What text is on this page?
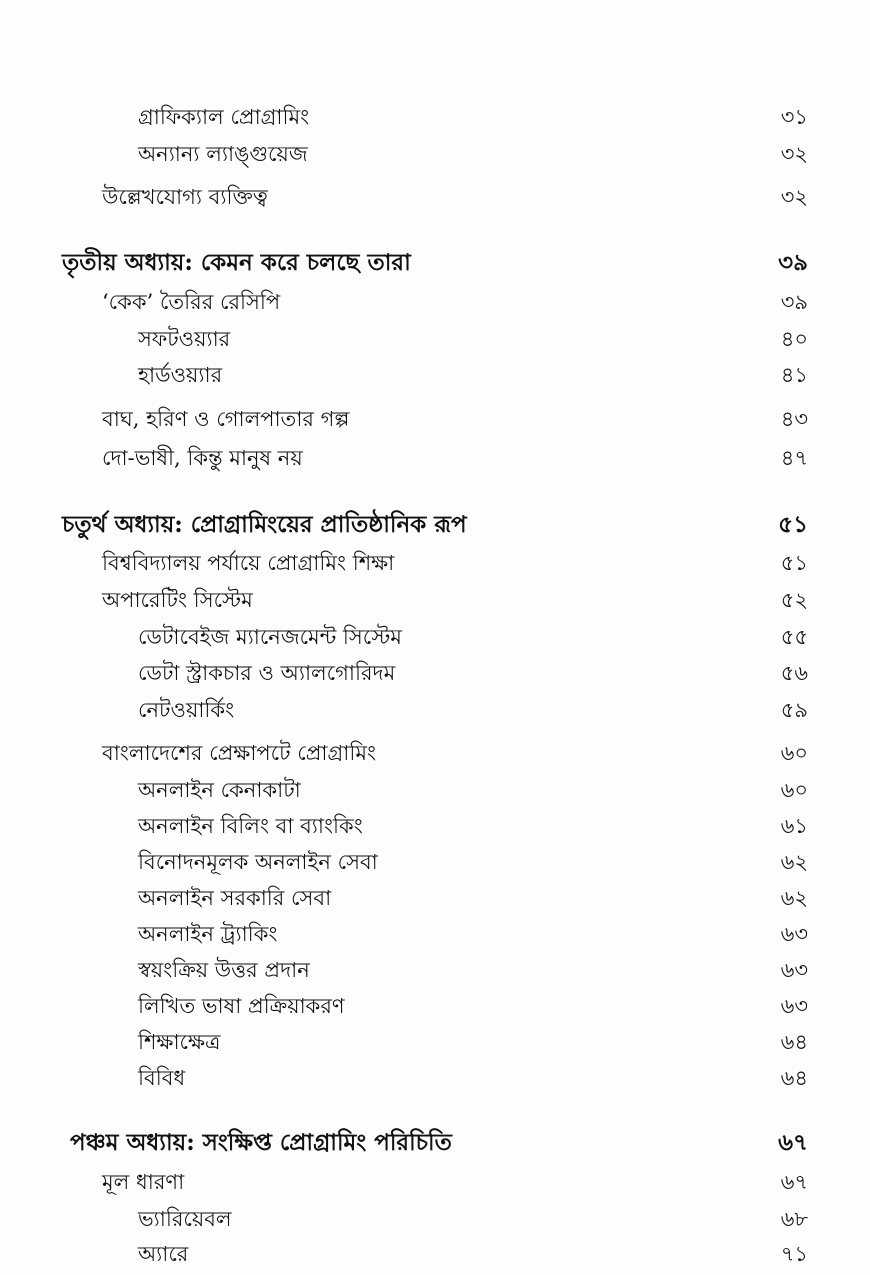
গ্রাফিক্যাল প্রোগ্রামিং	৩১
অন্যান্য ল্যাঙ্গুয়েজ	৩২
উল্লেখযোগ্য ব্যক্তিত্ব	৩২
তৃতীয় অধ্যায়: কেমন করে চলছে তারা	৩৯
‘কেক’ তৈরির রেসিপি	৩৯
সফটওয়্যার	৪০
হার্ডওয়্যার	৪১
বাঘ, হরিণ ও গোলপাতার গল্প	৪৩
দো-ভাষী, কিন্তু মানুষ নয়	৪৭
চতুর্থ অধ্যায়: প্রোগ্রামিংয়ের প্রাতিষ্ঠানিক রূপ	৫১
বিশ্ববিদ্যালয় পর্যায়ে প্রোগ্রামিং শিক্ষা	৫১
অপারেটিং সিস্টেম	৫২
ডেটাবেইজ ম্যানেজমেন্ট সিস্টেম	৫৫
ডেটা স্ট্রাকচার ও অ্যালগোরিদম	৫৬
নেটওয়ার্কিং	৫৯
বাংলাদেশের প্রেক্ষাপটে প্রোগ্রামিং	৬০
অনলাইন কেনাকাটা	৬০
অনলাইন বিলিং বা ব্যাংকিং	৬১
বিনোদনমূলক অনলাইন সেবা	৬২
অনলাইন সরকারি সেবা	৬২
অনলাইন ট্র্যাকিং	৬৩
স্বয়ংক্রিয় উত্তর প্রদান	৬৩
লিখিত ভাষা প্রক্রিয়াকরণ	৬৩
শিক্ষাক্ষেত্র	৬৪
বিবিধ	৬৪
পঞ্চম অধ্যায়: সংক্ষিপ্ত প্রোগ্রামিং পরিচিতি	৬৭
মূল ধারণা	৬৭
ভ্যারিয়েবল	৬৮
অ্যারে	৭১
